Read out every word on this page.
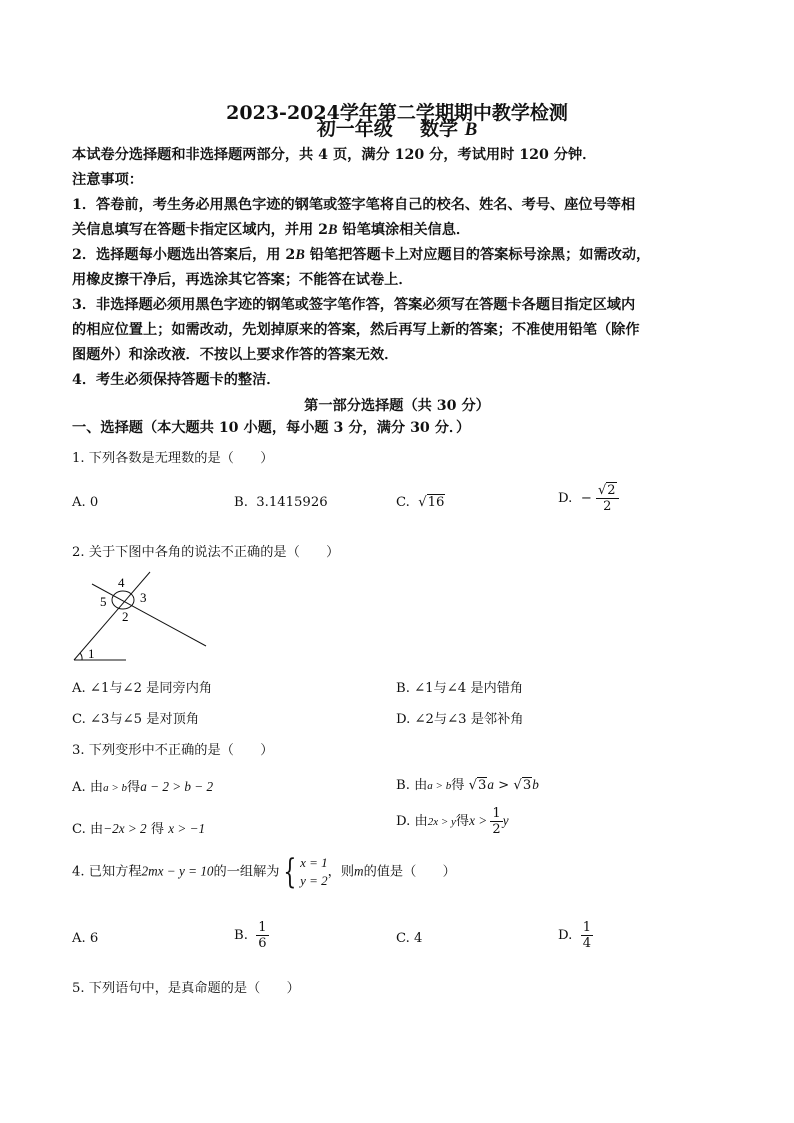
2023-2024学年第二学期期中教学检测
初一年级 数学 B
本试卷分选择题和非选择题两部分，共 4 页，满分 120 分，考试用时 120 分钟．
注意事项：
1．答卷前，考生务必用黑色字迹的钢笔或签字笔将自己的校名、姓名、考号、座位号等相
关信息填写在答题卡指定区域内，并用 2B 铅笔填涂相关信息．
2．选择题每小题选出答案后，用 2B 铅笔把答题卡上对应题目的答案标号涂黑；如需改动，
用橡皮擦干净后，再选涂其它答案；不能答在试卷上．
3．非选择题必须用黑色字迹的钢笔或签字笔作答，答案必须写在答题卡各题目指定区域内
的相应位置上；如需改动，先划掉原来的答案，然后再写上新的答案；不准使用铅笔（除作
图题外）和涂改液．不按以上要求作答的答案无效．
4．考生必须保持答题卡的整洁．
第一部分选择题（共 30 分）
一、选择题（本大题共 10 小题，每小题 3 分，满分 30 分．）
1. 下列各数是无理数的是（　　）
A. 0	B. 3.1415926	C. √16	D. − $\frac{√2}{2}$
2. 关于下图中各角的说法不正确的是（　　）
4
5	3
2
1
A. ∠1与∠2 是同旁内角	B. ∠1与∠4 是内错角
C. ∠3与∠5 是对顶角	D. ∠2与∠3 是邻补角
3. 下列变形中不正确的是（　　）
A. 由a > b得a − 2 > b − 2	B. 由a > b得 √3a > √3b
C. 由−2x > 2 得 x > −1	D. 由2x > y得$x > \frac{1}{2}$ y
4. 已知方程2mx − y = 10的一组解为 { x = 1
y = 2
，则m的值是（　　）
A. 6	B. $\frac{1}{6}$	C. 4	D. $\frac{1}{4}$
5. 下列语句中，是真命题的是（　　）
